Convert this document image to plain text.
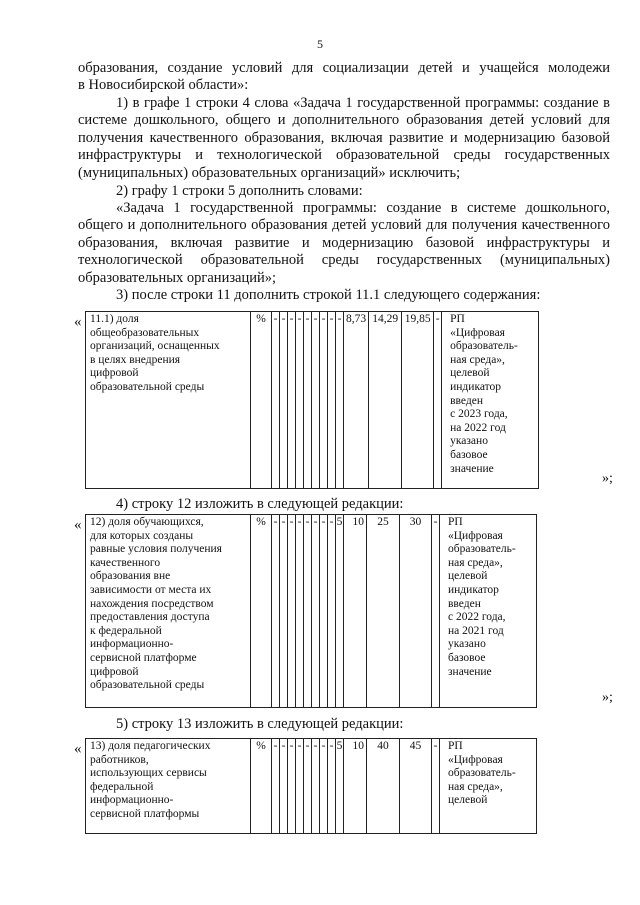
5

образования, создание условий для социализации детей и учащейся молодежи

в Новосибирской области»:

1) в графе 1 строки 4 слова «Задача 1 государственной программы: создание в системе дошкольного, общего и дополнительного образования детей условий для получения качественного образования, включая развитие и модернизацию базовой инфраструктуры и технологической образовательной среды государственных (муниципальных) образовательных организаций» исключить;

2) графу 1 строки 5 дополнить словами:

«Задача 1 государственной программы: создание в системе дошкольного, общего и дополнительного образования детей условий для получения качественного образования, включая развитие и модернизацию базовой инфраструктуры и технологической образовательной среды государственных (муниципальных) образовательных организаций»;

3) после строки 11 дополнить строкой 11.1 следующего содержания:

« 11.1) доля
общеобразовательных
организаций, оснащенных
в целях внедрения
цифровой
образовательной среды
	%	-	-	-	-	-	-	-	-	-	8,73	14,29	19,85	-	РП
«Цифровая
образователь-
ная среда»,
целевой
индикатор
введен
с 2023 года,
на 2022 год
указано
базовое
значение
»;

4) строку 12 изложить в следующей редакции:

« 12) доля обучающихся,
для которых созданы
равные условия получения
качественного
образования вне
зависимости от места их
нахождения посредством
предоставления доступа
к федеральной
информационно-
сервисной платформе
цифровой
образовательной среды
	%	-	-	-	-	-	-	-	-	5	10	25	30	-	РП
«Цифровая
образователь-
ная среда»,
целевой
индикатор
введен
с 2022 года,
на 2021 год
указано
базовое
значение
»;

5) строку 13 изложить в следующей редакции:

« 13) доля педагогических
работников,
использующих сервисы
федеральной
информационно-
сервисной платформы
	%	-	-	-	-	-	-	-	-	5	10	40	45	-	РП
«Цифровая
образователь-
ная среда»,
целевой
